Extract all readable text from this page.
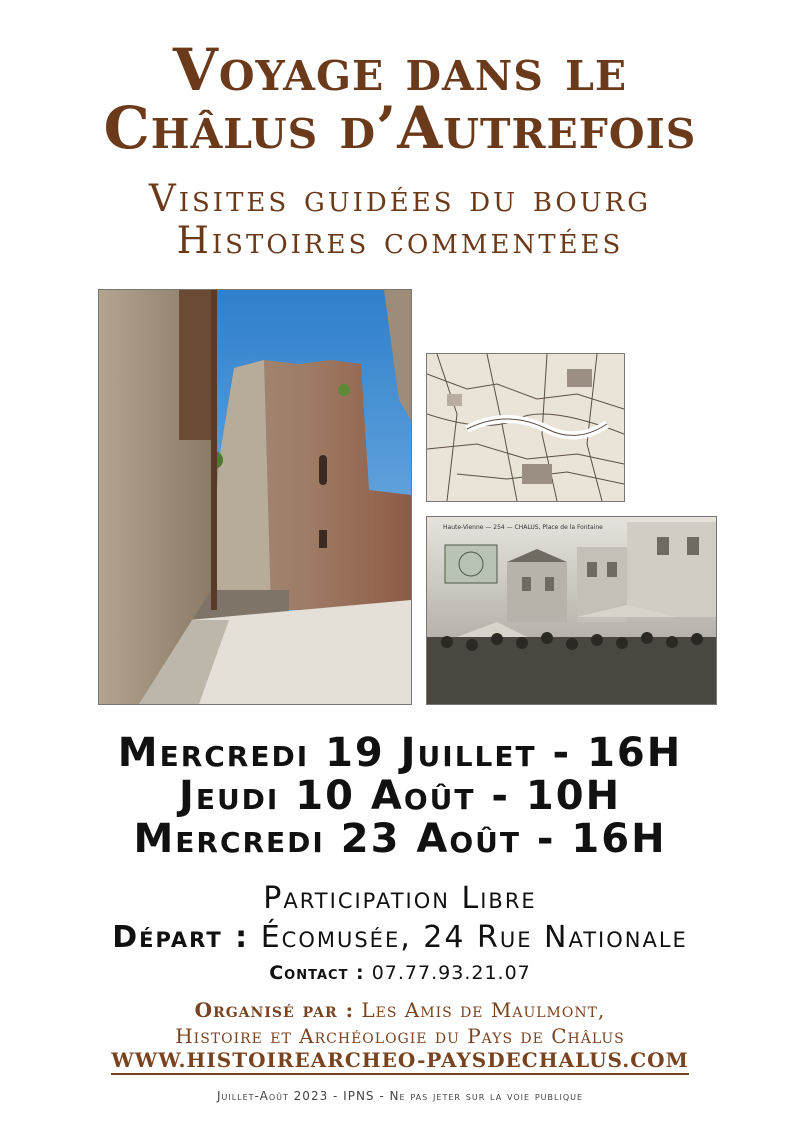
Voyage dans le
Châlus d’Autrefois
Visites guidées du bourg
Histoires commentées
Haute-Vienne — 254 — CHALUS, Place de la Fontaine
Mercredi 19 Juillet - 16H
Jeudi 10 Août - 10H
Mercredi 23 Août - 16H
Participation Libre
Départ : Écomusée, 24 Rue Nationale
Contact : 07.77.93.21.07
Organisé par : Les Amis de Maulmont,
Histoire et Archéologie du Pays de Châlus
WWW.HISTOIREARCHEO-PAYSDECHALUS.COM
Juillet-Août 2023 - IPNS - Ne pas jeter sur la voie publique
